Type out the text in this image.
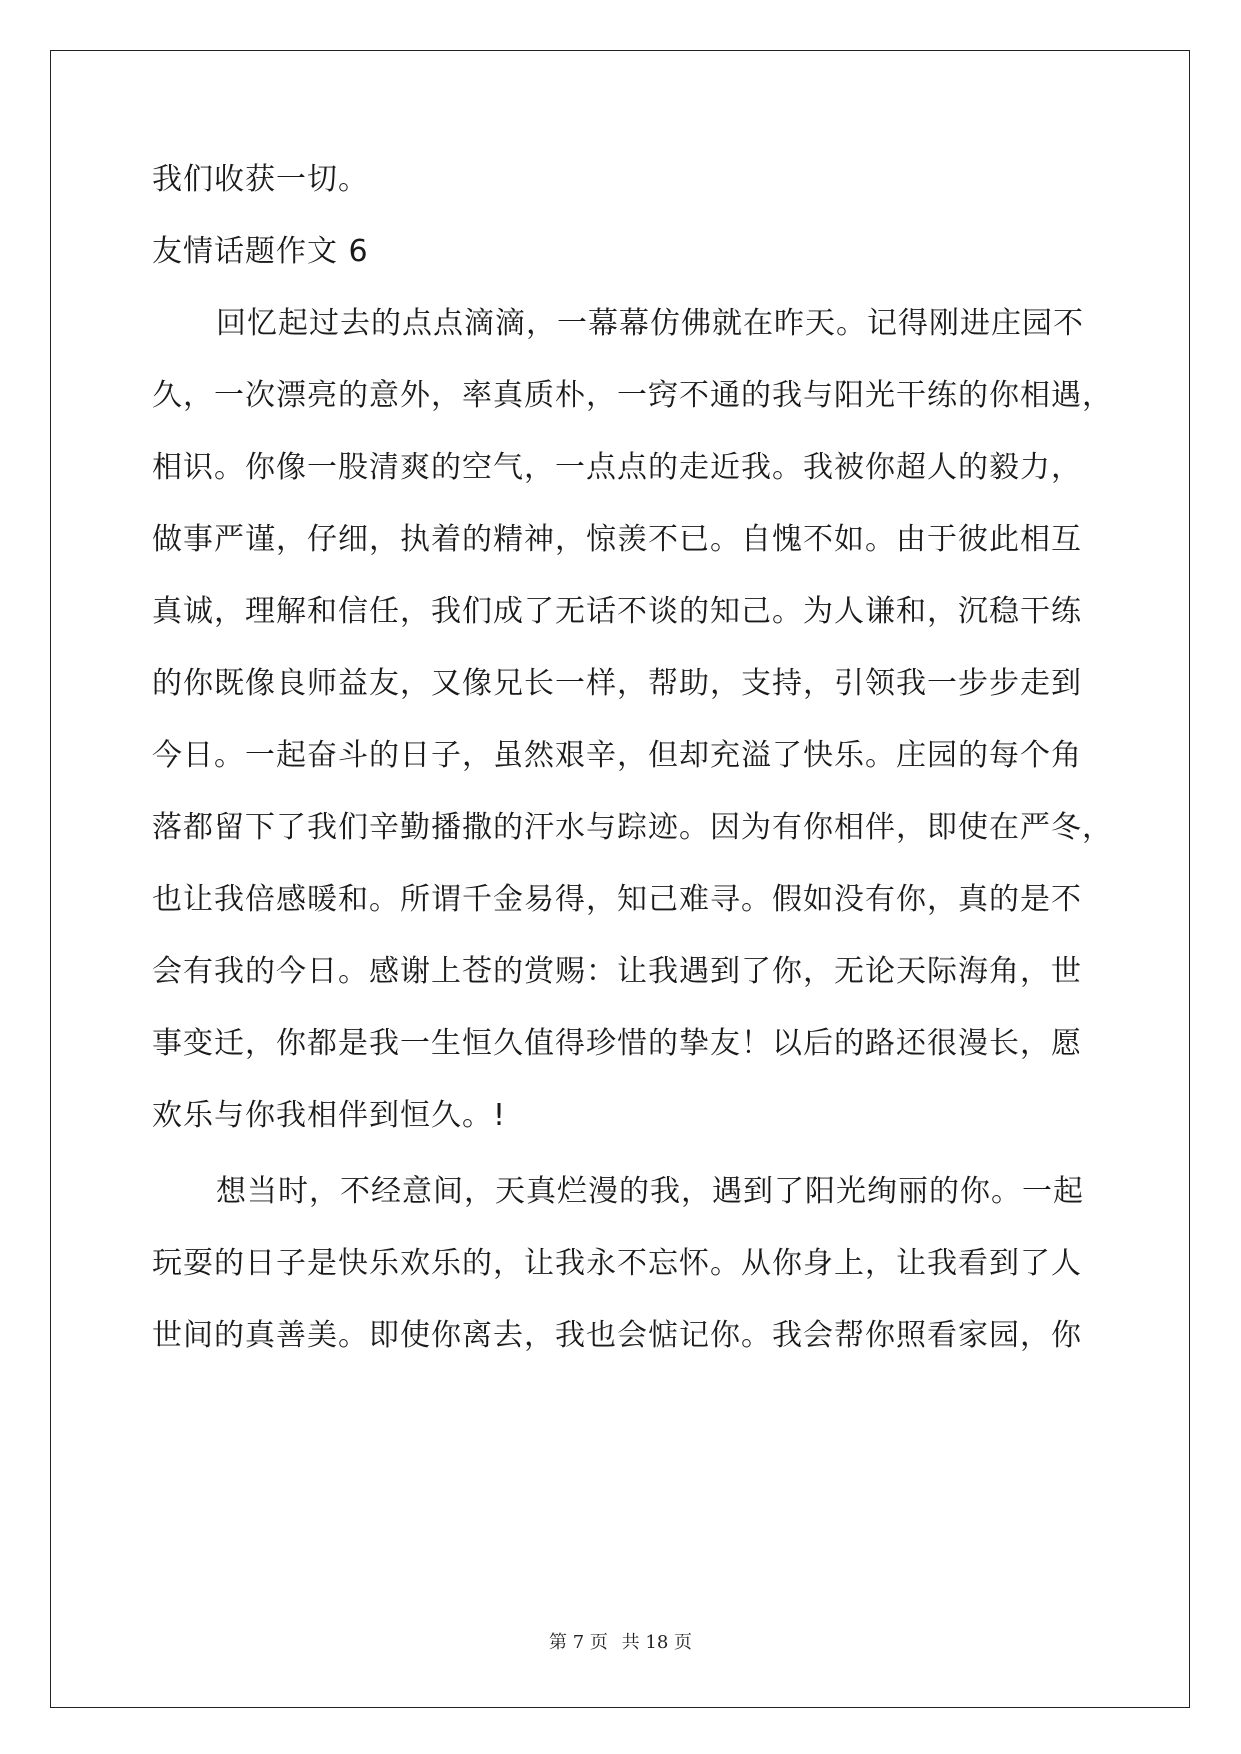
我们收获一切。
友情话题作文 6
回忆起过去的点点滴滴，一幕幕仿佛就在昨天。记得刚进庄园不
久，一次漂亮的意外，率真质朴，一窍不通的我与阳光干练的你相遇，
相识。你像一股清爽的空气，一点点的走近我。我被你超人的毅力，
做事严谨，仔细，执着的精神，惊羡不已。自愧不如。由于彼此相互
真诚，理解和信任，我们成了无话不谈的知己。为人谦和，沉稳干练
的你既像良师益友，又像兄长一样，帮助，支持，引领我一步步走到
今日。一起奋斗的日子，虽然艰辛，但却充溢了快乐。庄园的每个角
落都留下了我们辛勤播撒的汗水与踪迹。因为有你相伴，即使在严冬，
也让我倍感暖和。所谓千金易得，知己难寻。假如没有你，真的是不
会有我的今日。感谢上苍的赏赐：让我遇到了你，无论天际海角，世
事变迁，你都是我一生恒久值得珍惜的挚友！以后的路还很漫长，愿
欢乐与你我相伴到恒久。!
想当时，不经意间，天真烂漫的我，遇到了阳光绚丽的你。一起
玩耍的日子是快乐欢乐的，让我永不忘怀。从你身上，让我看到了人
世间的真善美。即使你离去，我也会惦记你。我会帮你照看家园，你
第 7 页 共 18 页
